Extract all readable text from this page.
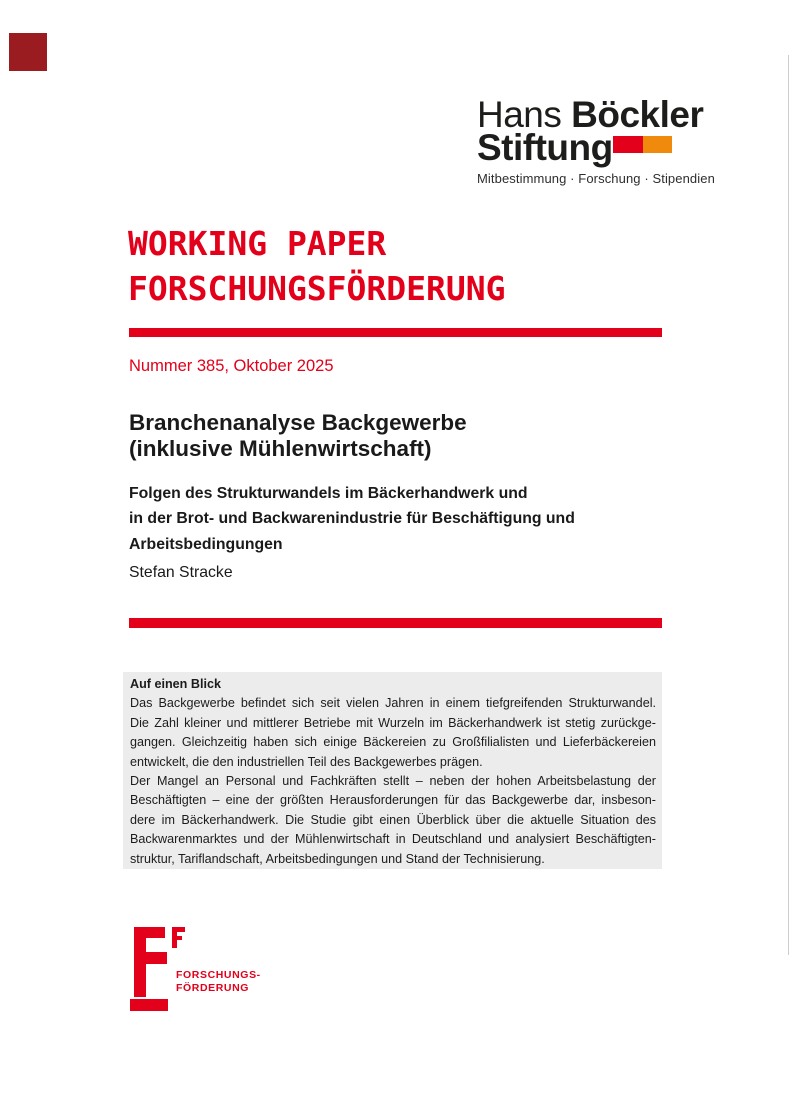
Hans Böckler
Stiftung
Mitbestimmung · Forschung · Stipendien
WORKING PAPER
FORSCHUNGSFÖRDERUNG
Nummer 385, Oktober 2025
Branchenanalyse Backgewerbe
(inklusive Mühlenwirtschaft)
Folgen des Strukturwandels im Bäckerhandwerk und
in der Brot- und Backwarenindustrie für Beschäftigung und
Arbeitsbedingungen
Stefan Stracke
Auf einen Blick
Das Backgewerbe befindet sich seit vielen Jahren in einem tiefgreifenden Strukturwandel.
Die Zahl kleiner und mittlerer Betriebe mit Wurzeln im Bäckerhandwerk ist stetig zurückge-
gangen. Gleichzeitig haben sich einige Bäckereien zu Großfilialisten und Lieferbäckereien
entwickelt, die den industriellen Teil des Backgewerbes prägen.
Der Mangel an Personal und Fachkräften stellt – neben der hohen Arbeitsbelastung der
Beschäftigten – eine der größten Herausforderungen für das Backgewerbe dar, insbeson-
dere im Bäckerhandwerk. Die Studie gibt einen Überblick über die aktuelle Situation des
Backwarenmarktes und der Mühlenwirtschaft in Deutschland und analysiert Beschäftigten-
struktur, Tariflandschaft, Arbeitsbedingungen und Stand der Technisierung.
FORSCHUNGS-
FÖRDERUNG
